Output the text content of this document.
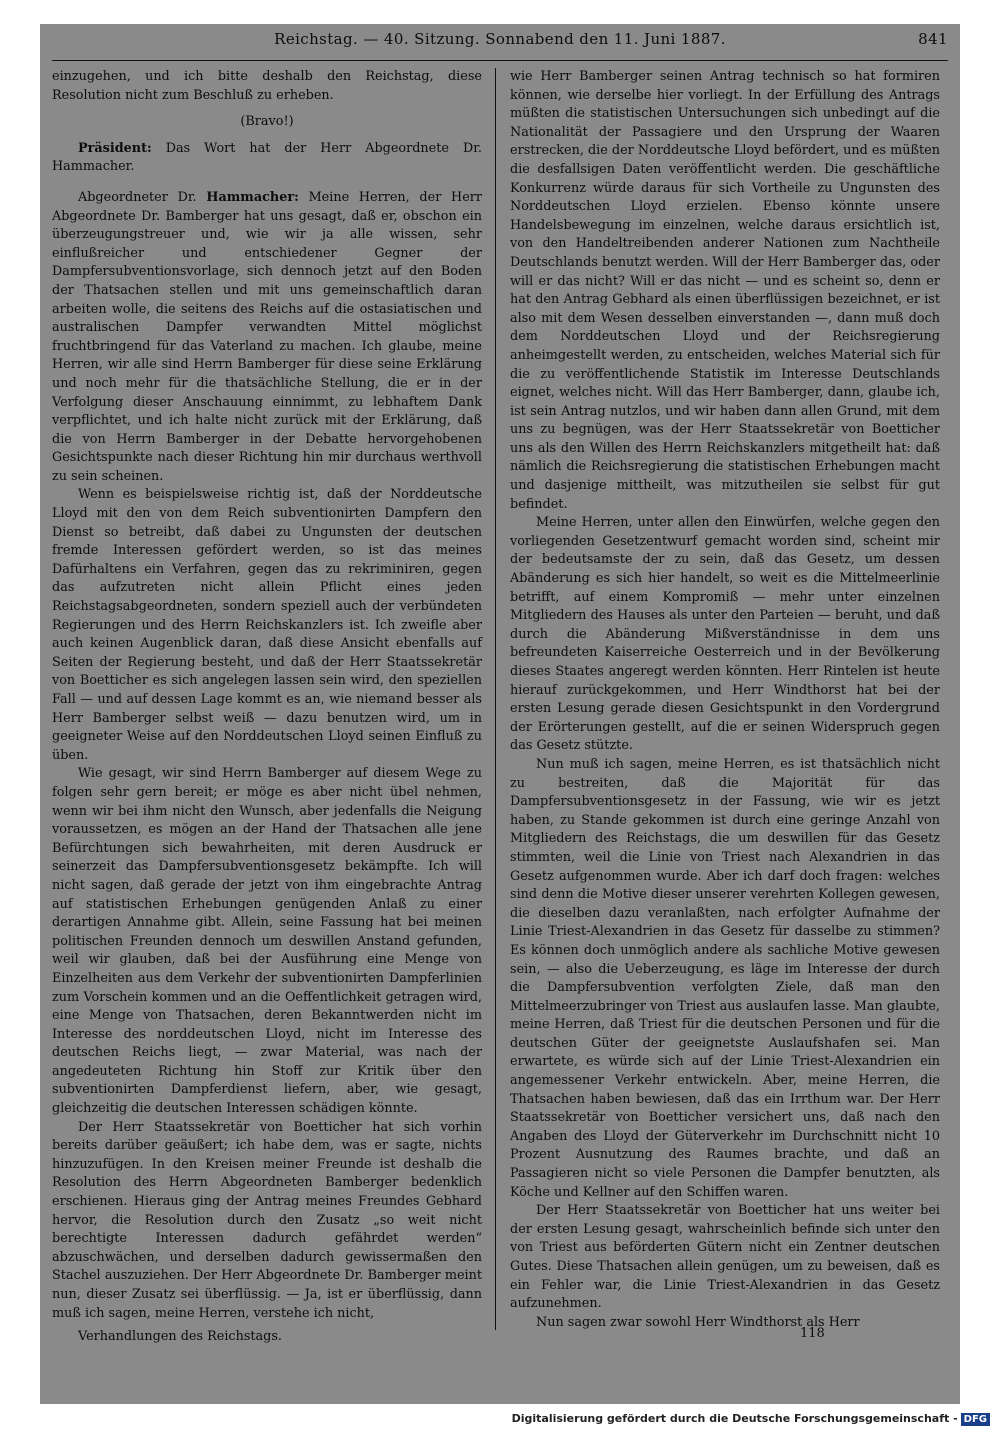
Reichstag. — 40. Sitzung. Sonnabend den 11. Juni 1887.	841

einzugehen, und ich bitte deshalb den Reichstag, diese Resolution nicht zum Beschluß zu erheben.

(Bravo!)

Präsident: Das Wort hat der Herr Abgeordnete Dr. Hammacher.

Abgeordneter Dr. Hammacher: Meine Herren, der Herr Abgeordnete Dr. Bamberger hat uns gesagt, daß er, obschon ein überzeugungstreuer und, wie wir ja alle wissen, sehr einflußreicher und entschiedener Gegner der Dampfersubventionsvorlage, sich dennoch jetzt auf den Boden der Thatsachen stellen und mit uns gemeinschaftlich daran arbeiten wolle, die seitens des Reichs auf die ostasiatischen und australischen Dampfer verwandten Mittel möglichst fruchtbringend für das Vaterland zu machen. Ich glaube, meine Herren, wir alle sind Herrn Bamberger für diese seine Erklärung und noch mehr für die thatsächliche Stellung, die er in der Verfolgung dieser Anschauung einnimmt, zu lebhaftem Dank verpflichtet, und ich halte nicht zurück mit der Erklärung, daß die von Herrn Bamberger in der Debatte hervorgehobenen Gesichtspunkte nach dieser Richtung hin mir durchaus werthvoll zu sein scheinen.

Wenn es beispielsweise richtig ist, daß der Norddeutsche Lloyd mit den von dem Reich subventionirten Dampfern den Dienst so betreibt, daß dabei zu Ungunsten der deutschen fremde Interessen gefördert werden, so ist das meines Dafürhaltens ein Verfahren, gegen das zu rekriminiren, gegen das aufzutreten nicht allein Pflicht eines jeden Reichstagsabgeordneten, sondern speziell auch der verbündeten Regierungen und des Herrn Reichskanzlers ist. Ich zweifle aber auch keinen Augenblick daran, daß diese Ansicht ebenfalls auf Seiten der Regierung besteht, und daß der Herr Staatssekretär von Boetticher es sich angelegen lassen sein wird, den speziellen Fall — und auf dessen Lage kommt es an, wie niemand besser als Herr Bamberger selbst weiß — dazu benutzen wird, um in geeigneter Weise auf den Norddeutschen Lloyd seinen Einfluß zu üben.

Wie gesagt, wir sind Herrn Bamberger auf diesem Wege zu folgen sehr gern bereit; er möge es aber nicht übel nehmen, wenn wir bei ihm nicht den Wunsch, aber jedenfalls die Neigung voraussetzen, es mögen an der Hand der Thatsachen alle jene Befürchtungen sich bewahrheiten, mit deren Ausdruck er seinerzeit das Dampfersubventionsgesetz bekämpfte. Ich will nicht sagen, daß gerade der jetzt von ihm eingebrachte Antrag auf statistischen Erhebungen genügenden Anlaß zu einer derartigen Annahme gibt. Allein, seine Fassung hat bei meinen politischen Freunden dennoch um deswillen Anstand gefunden, weil wir glauben, daß bei der Ausführung eine Menge von Einzelheiten aus dem Verkehr der subventionirten Dampferlinien zum Vorschein kommen und an die Oeffentlichkeit getragen wird, eine Menge von Thatsachen, deren Bekanntwerden nicht im Interesse des norddeutschen Lloyd, nicht im Interesse des deutschen Reichs liegt, — zwar Material, was nach der angedeuteten Richtung hin Stoff zur Kritik über den subventionirten Dampferdienst liefern, aber, wie gesagt, gleichzeitig die deutschen Interessen schädigen könnte.

Der Herr Staatssekretär von Boetticher hat sich vorhin bereits darüber geäußert; ich habe dem, was er sagte, nichts hinzuzufügen. In den Kreisen meiner Freunde ist deshalb die Resolution des Herrn Abgeordneten Bamberger bedenklich erschienen. Hieraus ging der Antrag meines Freundes Gebhard hervor, die Resolution durch den Zusatz „so weit nicht berechtigte Interessen dadurch gefährdet werden“ abzuschwächen, und derselben dadurch gewissermaßen den Stachel auszuziehen. Der Herr Abgeordnete Dr. Bamberger meint nun, dieser Zusatz sei überflüssig. — Ja, ist er überflüssig, dann muß ich sagen, meine Herren, verstehe ich nicht,

wie Herr Bamberger seinen Antrag technisch so hat formiren können, wie derselbe hier vorliegt. In der Erfüllung des Antrags müßten die statistischen Untersuchungen sich unbedingt auf die Nationalität der Passagiere und den Ursprung der Waaren erstrecken, die der Norddeutsche Lloyd befördert, und es müßten die desfallsigen Daten veröffentlicht werden. Die geschäftliche Konkurrenz würde daraus für sich Vortheile zu Ungunsten des Norddeutschen Lloyd erzielen. Ebenso könnte unsere Handelsbewegung im einzelnen, welche daraus ersichtlich ist, von den Handeltreibenden anderer Nationen zum Nachtheile Deutschlands benutzt werden. Will der Herr Bamberger das, oder will er das nicht? Will er das nicht — und es scheint so, denn er hat den Antrag Gebhard als einen überflüssigen bezeichnet, er ist also mit dem Wesen desselben einverstanden —, dann muß doch dem Norddeutschen Lloyd und der Reichsregierung anheimgestellt werden, zu entscheiden, welches Material sich für die zu veröffentlichende Statistik im Interesse Deutschlands eignet, welches nicht. Will das Herr Bamberger, dann, glaube ich, ist sein Antrag nutzlos, und wir haben dann allen Grund, mit dem uns zu begnügen, was der Herr Staatssekretär von Boetticher uns als den Willen des Herrn Reichskanzlers mitgetheilt hat: daß nämlich die Reichsregierung die statistischen Erhebungen macht und dasjenige mittheilt, was mitzutheilen sie selbst für gut befindet.

Meine Herren, unter allen den Einwürfen, welche gegen den vorliegenden Gesetzentwurf gemacht worden sind, scheint mir der bedeutsamste der zu sein, daß das Gesetz, um dessen Abänderung es sich hier handelt, so weit es die Mittelmeerlinie betrifft, auf einem Kompromiß — mehr unter einzelnen Mitgliedern des Hauses als unter den Parteien — beruht, und daß durch die Abänderung Mißverständnisse in dem uns befreundeten Kaiserreiche Oesterreich und in der Bevölkerung dieses Staates angeregt werden könnten. Herr Rintelen ist heute hierauf zurückgekommen, und Herr Windthorst hat bei der ersten Lesung gerade diesen Gesichtspunkt in den Vordergrund der Erörterungen gestellt, auf die er seinen Widerspruch gegen das Gesetz stützte.

Nun muß ich sagen, meine Herren, es ist thatsächlich nicht zu bestreiten, daß die Majorität für das Dampfersubventionsgesetz in der Fassung, wie wir es jetzt haben, zu Stande gekommen ist durch eine geringe Anzahl von Mitgliedern des Reichstags, die um deswillen für das Gesetz stimmten, weil die Linie von Triest nach Alexandrien in das Gesetz aufgenommen wurde. Aber ich darf doch fragen: welches sind denn die Motive dieser unserer verehrten Kollegen gewesen, die dieselben dazu veranlaßten, nach erfolgter Aufnahme der Linie Triest-Alexandrien in das Gesetz für dasselbe zu stimmen? Es können doch unmöglich andere als sachliche Motive gewesen sein, — also die Ueberzeugung, es läge im Interesse der durch die Dampfersubvention verfolgten Ziele, daß man den Mittelmeerzubringer von Triest aus auslaufen lasse. Man glaubte, meine Herren, daß Triest für die deutschen Personen und für die deutschen Güter der geeignetste Auslaufshafen sei. Man erwartete, es würde sich auf der Linie Triest-Alexandrien ein angemessener Verkehr entwickeln. Aber, meine Herren, die Thatsachen haben bewiesen, daß das ein Irrthum war. Der Herr Staatssekretär von Boetticher versichert uns, daß nach den Angaben des Lloyd der Güterverkehr im Durchschnitt nicht 10 Prozent Ausnutzung des Raumes brachte, und daß an Passagieren nicht so viele Personen die Dampfer benutzten, als Köche und Kellner auf den Schiffen waren.

Der Herr Staatssekretär von Boetticher hat uns weiter bei der ersten Lesung gesagt, wahrscheinlich befinde sich unter den von Triest aus beförderten Gütern nicht ein Zentner deutschen Gutes. Diese Thatsachen allein genügen, um zu beweisen, daß es ein Fehler war, die Linie Triest-Alexandrien in das Gesetz aufzunehmen.

Nun sagen zwar sowohl Herr Windthorst als Herr

Verhandlungen des Reichstags.	118
Digitalisierung gefördert durch die Deutsche Forschungsgemeinschaft - DFG
